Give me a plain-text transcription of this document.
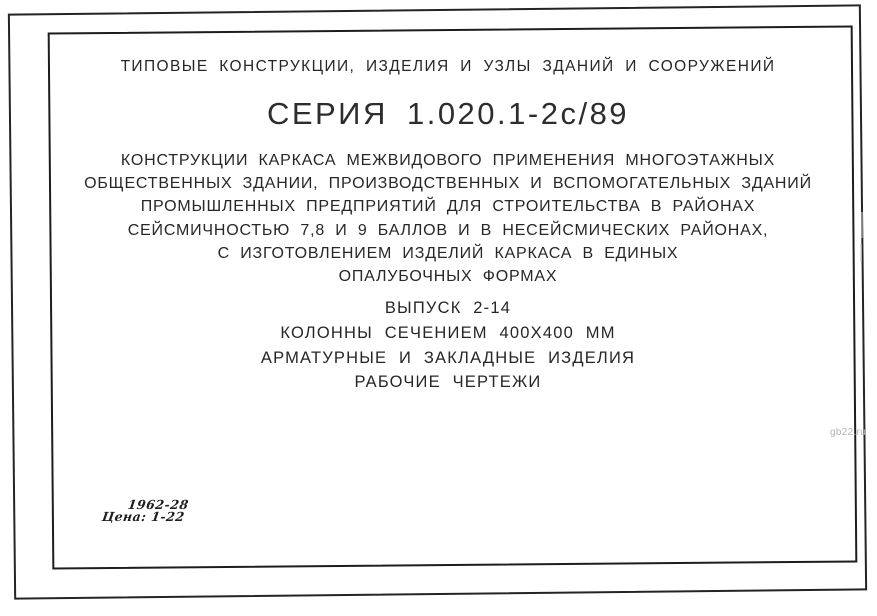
ТИПОВЫЕ КОНСТРУКЦИИ, ИЗДЕЛИЯ И УЗЛЫ ЗДАНИЙ И СООРУЖЕНИЙ
СЕРИЯ 1.020.1-2с/89
КОНСТРУКЦИИ КАРКАСА МЕЖВИДОВОГО ПРИМЕНЕНИЯ МНОГОЭТАЖНЫХ
ОБЩЕСТВЕННЫХ ЗДАНИИ, ПРОИЗВОДСТВЕННЫХ И ВСПОМОГАТЕЛЬНЫХ ЗДАНИЙ
ПРОМЫШЛЕННЫХ ПРЕДПРИЯТИЙ ДЛЯ СТРОИТЕЛЬСТВА В РАЙОНАХ
СЕЙСМИЧНОСТЬЮ 7,8 И 9 БАЛЛОВ И В НЕСЕЙСМИЧЕСКИХ РАЙОНАХ,
С ИЗГОТОВЛЕНИЕМ ИЗДЕЛИЙ КАРКАСА В ЕДИНЫХ
ОПАЛУБОЧНЫХ ФОРМАХ
ВЫПУСК 2-14
КОЛОННЫ СЕЧЕНИЕМ 400X400 ММ
АРМАТУРНЫЕ И ЗАКЛАДНЫЕ ИЗДЕЛИЯ
РАБОЧИЕ ЧЕРТЕЖИ
1962-28
Цена: 1-22
gb22.ru
